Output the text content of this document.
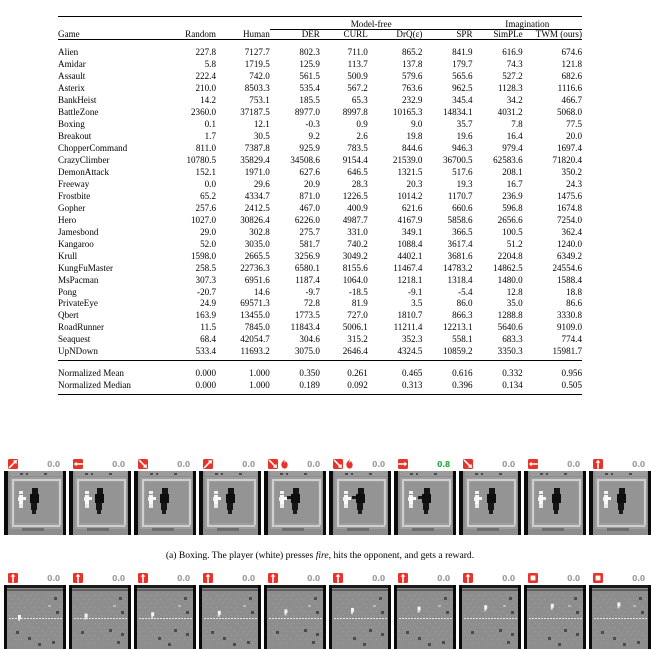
			Model-free				Imagination	

Game	Random	Human	DER	CURL	DrQ(ε)	SPR	SimPLe	TWM (ours)

Alien	227.8	7127.7	802.3	711.0	865.2	841.9	616.9	674.6
Amidar	5.8	1719.5	125.9	113.7	137.8	179.7	74.3	121.8
Assault	222.4	742.0	561.5	500.9	579.6	565.6	527.2	682.6
Asterix	210.0	8503.3	535.4	567.2	763.6	962.5	1128.3	1116.6
BankHeist	14.2	753.1	185.5	65.3	232.9	345.4	34.2	466.7
BattleZone	2360.0	37187.5	8977.0	8997.8	10165.3	14834.1	4031.2	5068.0
Boxing	0.1	12.1	-0.3	0.9	9.0	35.7	7.8	77.5
Breakout	1.7	30.5	9.2	2.6	19.8	19.6	16.4	20.0
ChopperCommand	811.0	7387.8	925.9	783.5	844.6	946.3	979.4	1697.4
CrazyClimber	10780.5	35829.4	34508.6	9154.4	21539.0	36700.5	62583.6	71820.4
DemonAttack	152.1	1971.0	627.6	646.5	1321.5	517.6	208.1	350.2
Freeway	0.0	29.6	20.9	28.3	20.3	19.3	16.7	24.3
Frostbite	65.2	4334.7	871.0	1226.5	1014.2	1170.7	236.9	1475.6
Gopher	257.6	2412.5	467.0	400.9	621.6	660.6	596.8	1674.8
Hero	1027.0	30826.4	6226.0	4987.7	4167.9	5858.6	2656.6	7254.0
Jamesbond	29.0	302.8	275.7	331.0	349.1	366.5	100.5	362.4
Kangaroo	52.0	3035.0	581.7	740.2	1088.4	3617.4	51.2	1240.0
Krull	1598.0	2665.5	3256.9	3049.2	4402.1	3681.6	2204.8	6349.2
KungFuMaster	258.5	22736.3	6580.1	8155.6	11467.4	14783.2	14862.5	24554.6
MsPacman	307.3	6951.6	1187.4	1064.0	1218.1	1318.4	1480.0	1588.4
Pong	-20.7	14.6	-9.7	-18.5	-9.1	-5.4	12.8	18.8
PrivateEye	24.9	69571.3	72.8	81.9	3.5	86.0	35.0	86.6
Qbert	163.9	13455.0	1773.5	727.0	1810.7	866.3	1288.8	3330.8
RoadRunner	11.5	7845.0	11843.4	5006.1	11211.4	12213.1	5640.6	9109.0
Seaquest	68.4	42054.7	304.6	315.2	352.3	558.1	683.3	774.4
UpNDown	533.4	11693.2	3075.0	2646.4	4324.5	10859.2	3350.3	15981.7

Normalized Mean	0.000	1.000	0.350	0.261	0.465	0.616	0.332	0.956
Normalized Median	0.000	1.000	0.189	0.092	0.313	0.396	0.134	0.505

0.0	0.0	0.0	0.0	0.0	0.0	0.8	0.0	0.0	0.0
(a) Boxing. The player (white) presses fire, hits the opponent, and gets a reward.
0.0	0.0	0.0	0.0	0.0	0.0	0.0	0.0	0.0	0.0
